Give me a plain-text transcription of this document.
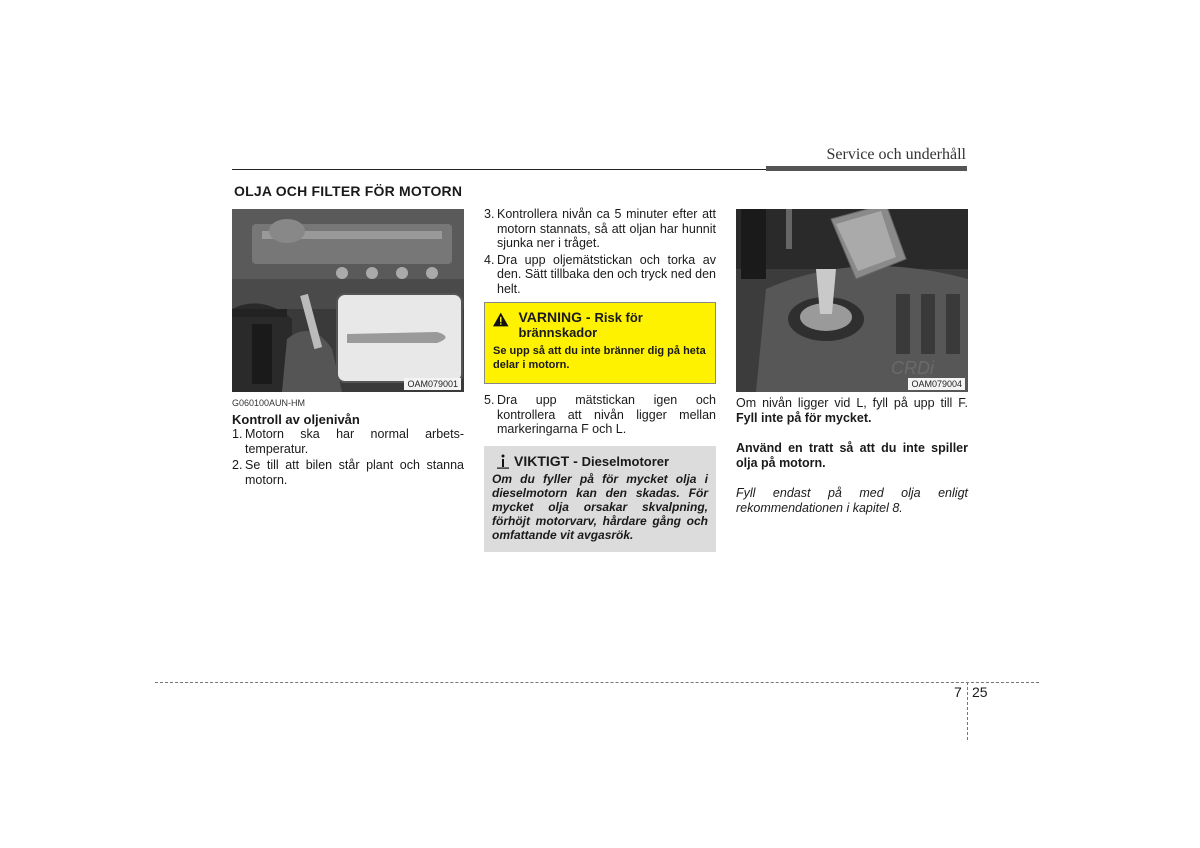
Service och underhåll
OLJA OCH FILTER FÖR MOTORN
OAM079001
CRDi
OAM079004
G060100AUN-HM
Kontroll av oljenivån
1. Motorn ska har normal arbets-temperatur.
2. Se till att bilen står plant och stanna motorn.
3. Kontrollera nivån ca 5 minuter efter att motorn stannats, så att oljan har hunnit sjunka ner i tråget.
4. Dra upp oljemätstickan och torka av den. Sätt tillbaka den och tryck ned den helt.
VARNING - Risk för brännskador
Se upp så att du inte bränner dig på heta delar i motorn.
5. Dra upp mätstickan igen och kontrollera att nivån ligger mellan markeringarna F och L.
VIKTIGT - Dieselmotorer
Om du fyller på för mycket olja i dieselmotorn kan den skadas. För mycket olja orsakar skvalpning, förhöjt motorvarv, hårdare gång och omfattande vit avgasrök.

Om nivån ligger vid L, fyll på upp till F. Fyll inte på för mycket.

Använd en tratt så att du inte spiller olja på motorn.

Fyll endast på med olja enligt rekommendationen i kapitel 8.

7 25
